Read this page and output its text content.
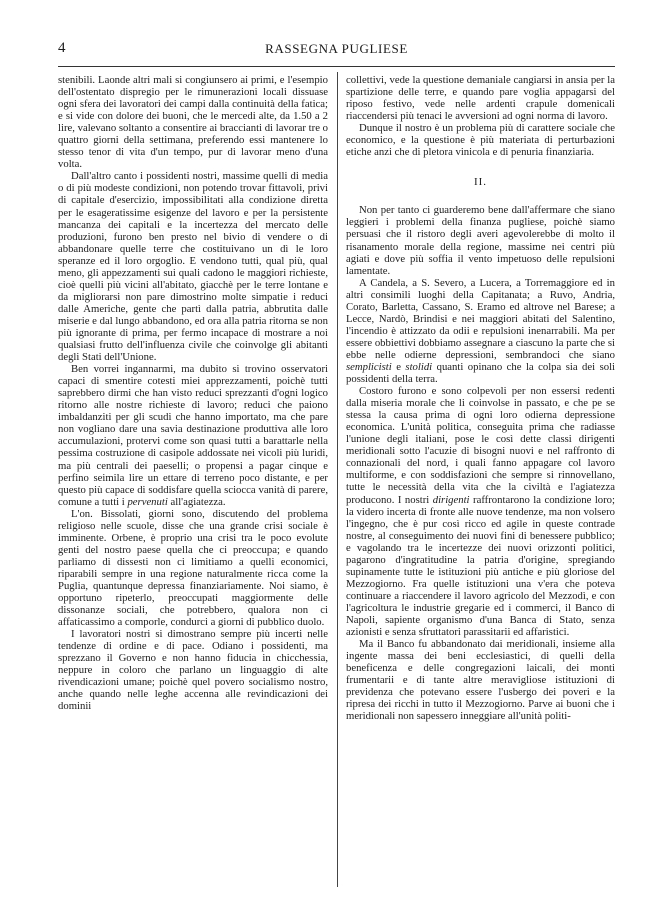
4	RASSEGNA PUGLIESE

stenibili. Laonde altri mali si congiunsero ai primi, e l'esempio dell'ostentato dispregio per le rimunerazioni locali dissuase ogni sfera dei lavoratori dei campi dalla continuità della fatica; e si vide con dolore dei buoni, che le mercedi alte, da 1.50 a 2 lire, valevano soltanto a consentire ai braccianti di lavorar tre o quattro giorni della settimana, preferendo essi mantenere lo stesso tenor di vita d'un tempo, pur di lavorar meno d'una volta.

Dall'altro canto i possidenti nostri, massime quelli di media o di più modeste condizioni, non potendo trovar fittavoli, privi di capitale d'esercizio, impossibilitati alla condizione diretta per le esageratissime esigenze del lavoro e per la persistente mancanza dei capitali e la incertezza del mercato delle produzioni, furono ben presto nel bivio di vendere o di abbandonare quelle terre che costituivano un dì le loro speranze ed il loro orgoglio. E vendono tutti, qual più, qual meno, gli appezzamenti sui quali cadono le maggiori richieste, cioè quelli più vicini all'abitato, giacchè per le terre lontane e da migliorarsi non pare dimostrino molte simpatie i reduci dalle Americhe, gente che partì dalla patria, abbrutita dalle miserie e dal lungo abbandono, ed ora alla patria ritorna se non più ignorante di prima, per fermo incapace di mostrare a noi qualsiasi frutto dell'influenza civile che coinvolge gli abitanti degli Stati dell'Unione.

Ben vorrei ingannarmi, ma dubito si trovino osservatori capaci di smentire cotesti miei apprezzamenti, poichè tutti saprebbero dirmi che han visto reduci sprezzanti d'ogni logico ritorno alle nostre richieste di lavoro; reduci che paiono imbaldanziti per gli scudi che hanno importato, ma che pare non vogliano dare una savia destinazione produttiva alle loro accumulazioni, protervi come son quasi tutti a barattarle nella pessima costruzione di casipole addossate nei vicoli più luridi, ma più centrali dei paeselli; o propensi a pagar cinque e perfino seimila lire un ettare di terreno poco distante, e per questo più capace di soddisfare quella sciocca vanità di parere, comune a tutti i pervenuti all'agiatezza.

L'on. Bissolati, giorni sono, discutendo del problema religioso nelle scuole, disse che una grande crisi sociale è imminente. Orbene, è proprio una crisi tra le poco evolute genti del nostro paese quella che ci preoccupa; e quando parliamo di dissesti non ci limitiamo a quelli economici, riparabili sempre in una regione naturalmente ricca come la Puglia, quantunque depressa finanziariamente. Noi siamo, è opportuno ripeterlo, preoccupati maggiormente delle dissonanze sociali, che potrebbero, qualora non ci affaticassimo a comporle, condurci a giorni di pubblico duolo.

I lavoratori nostri si dimostrano sempre più incerti nelle tendenze di ordine e di pace. Odiano i possidenti, ma sprezzano il Governo e non hanno fiducia in chicchessia, neppure in coloro che parlano un linguaggio di alte rivendicazioni umane; poichè quel povero socialismo nostro, anche quando nelle leghe accenna alle revindicazioni dei dominii

collettivi, vede la questione demaniale cangiarsi in ansia per la spartizione delle terre, e quando pare voglia appagarsi del riposo festivo, vede nelle ardenti crapule domenicali riaccendersi più tenaci le avversioni ad ogni norma di lavoro.

Dunque il nostro è un problema più di carattere sociale che economico, e la questione è più materiata di perturbazioni etiche anzi che di pletora vinicola e di penuria finanziaria.

II.

Non per tanto ci guarderemo bene dall'affermare che siano leggieri i problemi della finanza pugliese, poichè siamo persuasi che il ristoro degli averi agevolerebbe di molto il risanamento morale della regione, massime nei centri più agiati e dove più soffia il vento impetuoso delle repulsioni lamentate.

A Candela, a S. Severo, a Lucera, a Torremaggiore ed in altri consimili luoghi della Capitanata; a Ruvo, Andria, Corato, Barletta, Cassano, S. Eramo ed altrove nel Barese; a Lecce, Nardò, Brindisi e nei maggiori abitati del Salentino, l'incendio è attizzato da odii e repulsioni inenarrabili. Ma per essere obbiettivi dobbiamo assegnare a ciascuno la parte che si ebbe nelle odierne depressioni, sembrandoci che siano semplicisti e stolidi quanti opinano che la colpa sia dei soli possidenti della terra.

Costoro furono e sono colpevoli per non essersi redenti dalla miseria morale che li coinvolse in passato, e che pe se stessa la causa prima di ogni loro odierna depressione economica. L'unità politica, conseguita prima che radiasse l'unione degli italiani, pose le così dette classi dirigenti meridionali sotto l'acuzie di bisogni nuovi e nel raffronto di connazionali del nord, i quali fanno appagare col lavoro multiforme, e con soddisfazioni che sempre si rinnovellano, tutte le necessità della vita che la civiltà e l'agiatezza producono. I nostri dirigenti raffrontarono la condizione loro; la videro incerta di fronte alle nuove tendenze, ma non volsero l'ingegno, che è pur così ricco ed agile in queste contrade nostre, al conseguimento dei nuovi fini di benessere pubblico; e vagolando tra le incertezze dei nuovi orizzonti politici, pagarono d'ingratitudine la patria d'origine, spregiando supinamente tutte le istituzioni più antiche e più gloriose del Mezzogiorno. Fra quelle istituzioni una v'era che poteva continuare a riaccendere il lavoro agricolo del Mezzodì, e con l'agricoltura le industrie gregarie ed i commerci, il Banco di Napoli, sapiente organismo d'una Banca di Stato, senza azionisti e senza sfruttatori parassitarii ed affaristici.

Ma il Banco fu abbandonato dai meridionali, insieme alla ingente massa dei beni ecclesiastici, di quelli della beneficenza e delle congregazioni laicali, dei monti frumentarii e di tante altre meravigliose istituzioni di previdenza che potevano essere l'usbergo dei poveri e la ripresa dei ricchi in tutto il Mezzogiorno. Parve ai buoni che i meridionali non sapessero inneggiare all'unità politi-
